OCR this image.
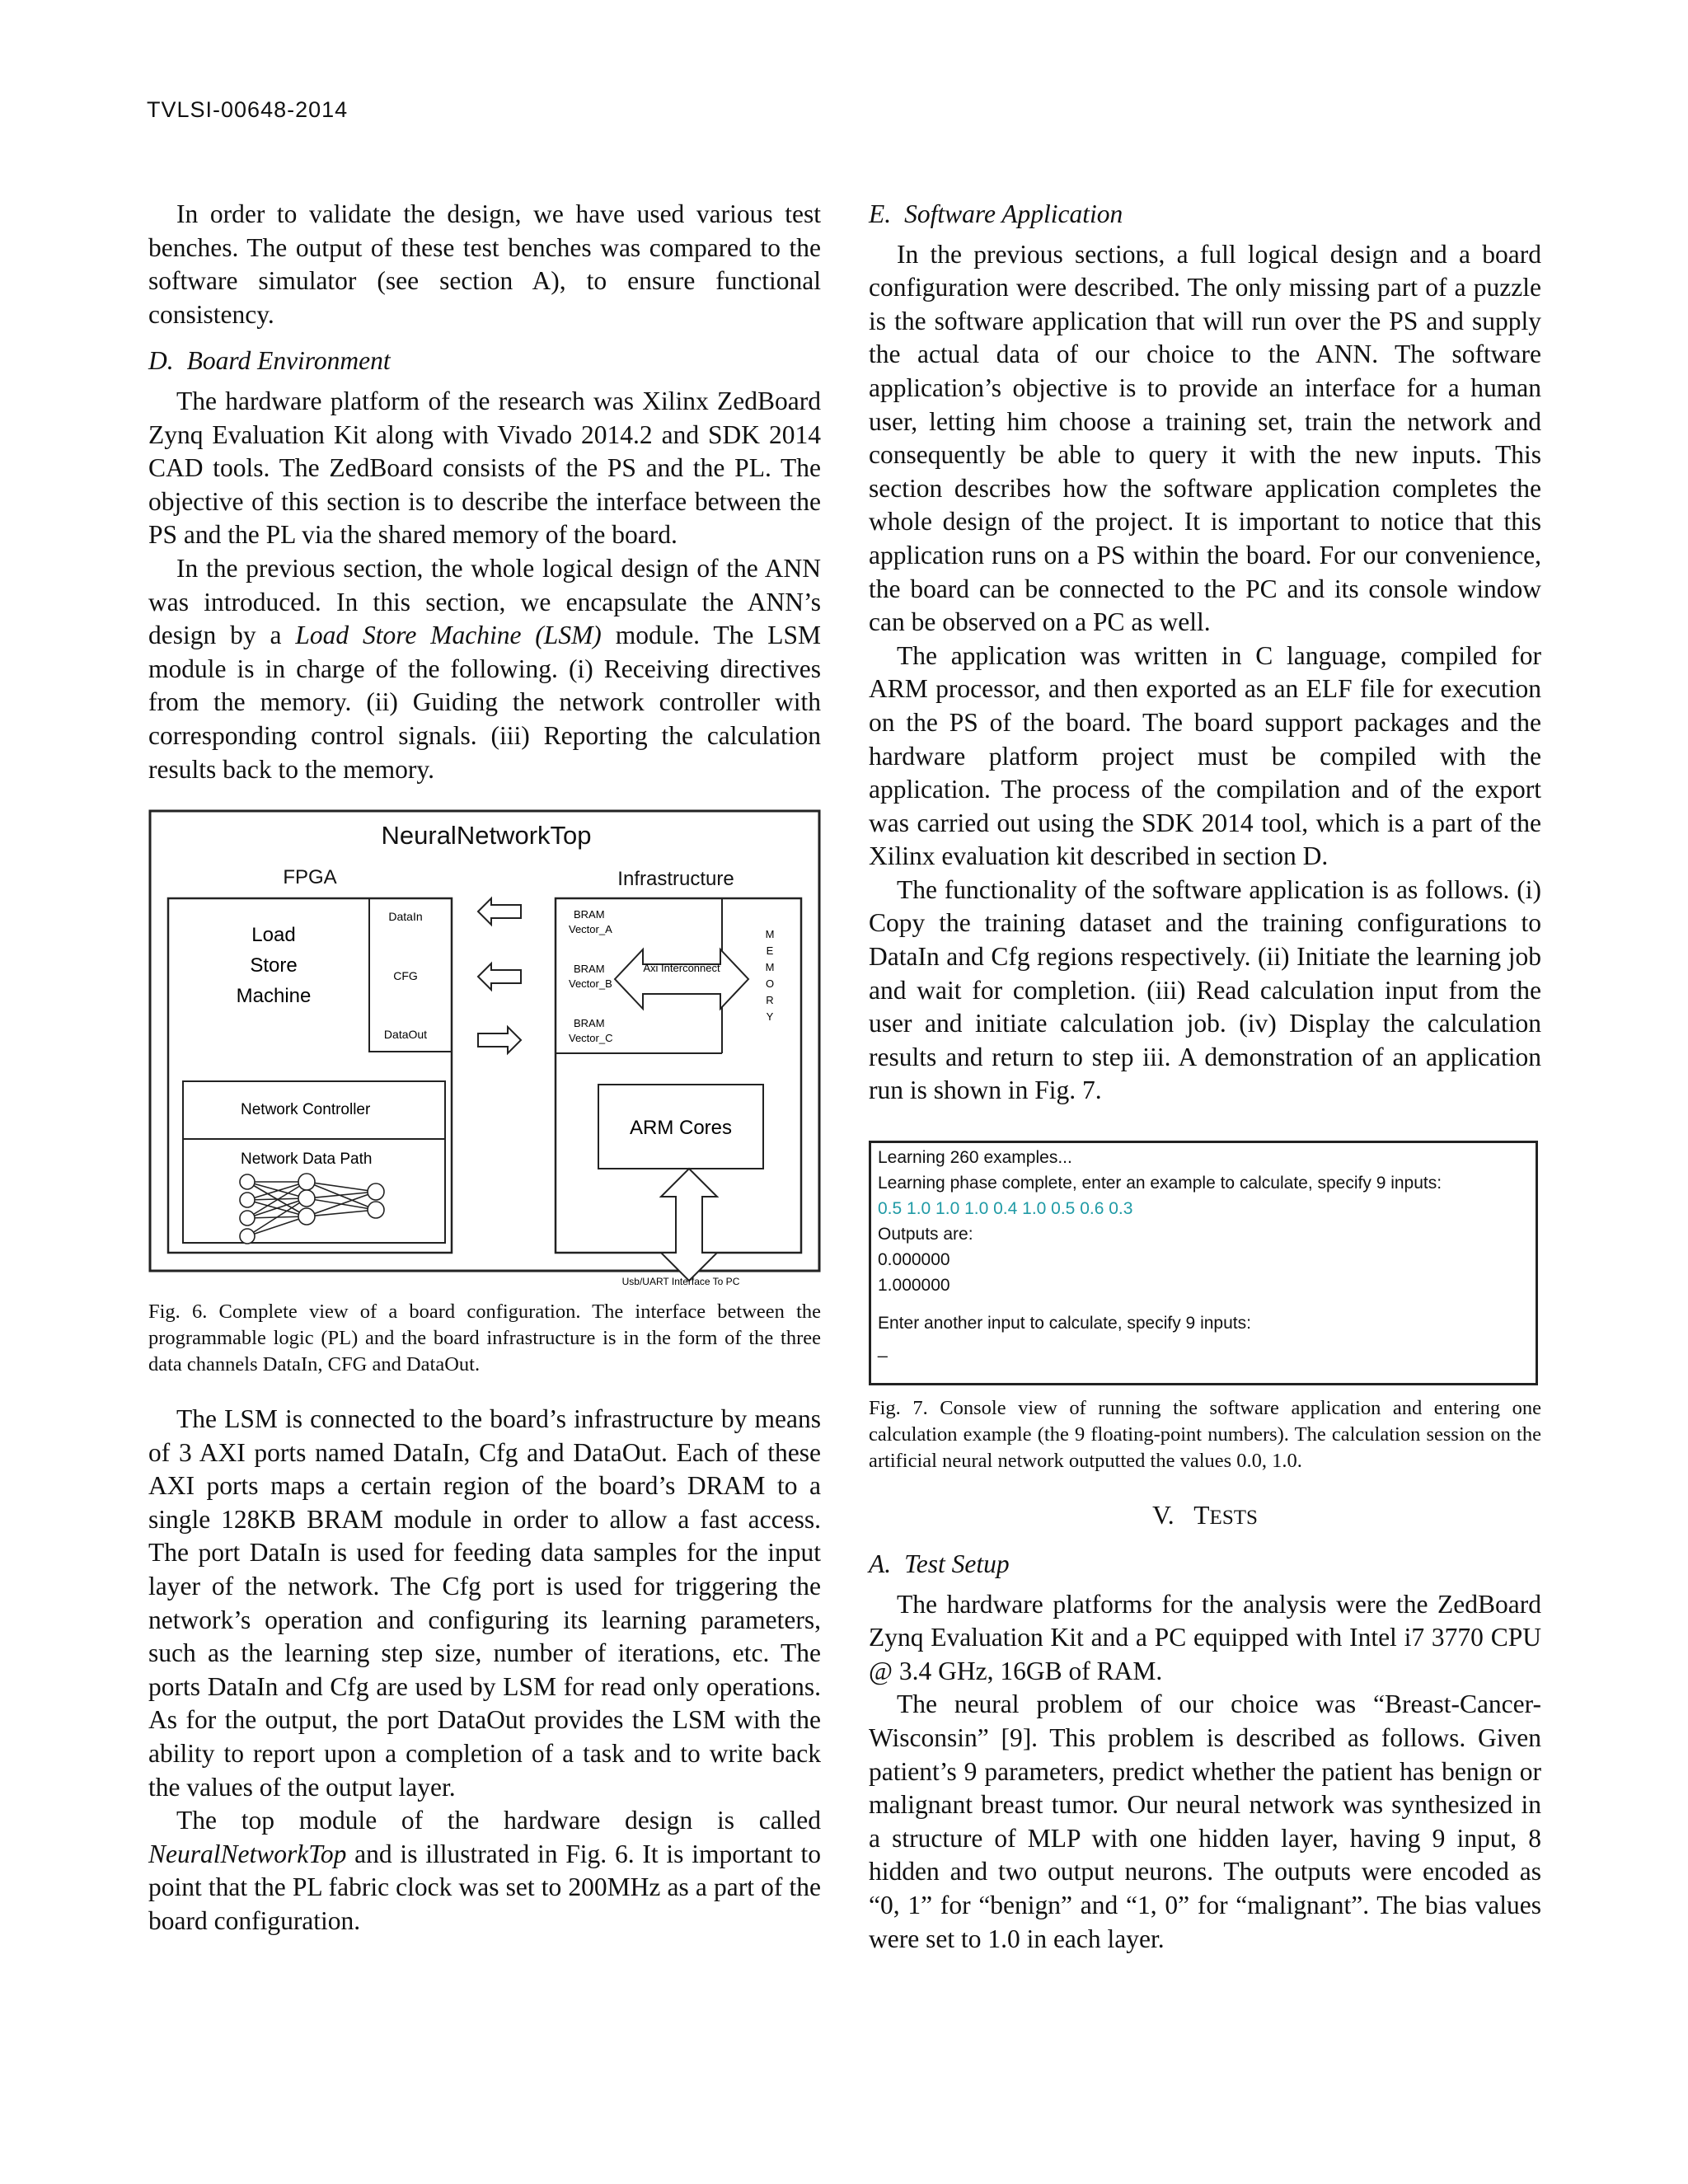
TVLSI-00648-2014

In order to validate the design, we have used various test benches. The output of these test benches was compared to the software simulator (see section A), to ensure functional consistency.

D. Board Environment

The hardware platform of the research was Xilinx ZedBoard Zynq Evaluation Kit along with Vivado 2014.2 and SDK 2014 CAD tools. The ZedBoard consists of the PS and the PL. The objective of this section is to describe the interface between the PS and the PL via the shared memory of the board.

In the previous section, the whole logical design of the ANN was introduced. In this section, we encapsulate the ANN’s design by a Load Store Machine (LSM) module. The LSM module is in charge of the following. (i) Receiving directives from the memory. (ii) Guiding the network controller with corresponding control signals. (iii) Reporting the calculation results back to the memory.

NeuralNetworkTop
FPGA	Infrastructure
Load
Store
Machine
DataIn
CFG
DataOut
Network Controller
Network Data Path
BRAM
Vector_A
BRAM
Vector_B
BRAM
Vector_C
Axi Interconnect
M
E
M
O
R
Y
ARM Cores
Usb/UART Interface To PC
Fig. 6. Complete view of a board configuration. The interface between the programmable logic (PL) and the board infrastructure is in the form of the three data channels DataIn, CFG and DataOut.

The LSM is connected to the board’s infrastructure by means of 3 AXI ports named DataIn, Cfg and DataOut. Each of these AXI ports maps a certain region of the board’s DRAM to a single 128KB BRAM module in order to allow a fast access. The port DataIn is used for feeding data samples for the input layer of the network. The Cfg port is used for triggering the network’s operation and configuring its learning parameters, such as the learning step size, number of iterations, etc. The ports DataIn and Cfg are used by LSM for read only operations. As for the output, the port DataOut provides the LSM with the ability to report upon a completion of a task and to write back the values of the output layer.

The top module of the hardware design is called NeuralNetworkTop and is illustrated in Fig. 6. It is important to point that the PL fabric clock was set to 200MHz as a part of the board configuration.

E. Software Application

In the previous sections, a full logical design and a board configuration were described. The only missing part of a puzzle is the software application that will run over the PS and supply the actual data of our choice to the ANN. The software application’s objective is to provide an interface for a human user, letting him choose a training set, train the network and consequently be able to query it with the new inputs. This section describes how the software application completes the whole design of the project. It is important to notice that this application runs on a PS within the board. For our convenience, the board can be connected to the PC and its console window can be observed on a PC as well.

The application was written in C language, compiled for ARM processor, and then exported as an ELF file for execution on the PS of the board. The board support packages and the hardware platform project must be compiled with the application. The process of the compilation and of the export was carried out using the SDK 2014 tool, which is a part of the Xilinx evaluation kit described in section D.

The functionality of the software application is as follows. (i) Copy the training dataset and the training configurations to DataIn and Cfg regions respectively. (ii) Initiate the learning job and wait for completion. (iii) Read calculation input from the user and initiate calculation job. (iv) Display the calculation results and return to step iii. A demonstration of an application run is shown in Fig. 7.

Learning 260 examples...
Learning phase complete, enter an example to calculate, specify 9 inputs:
0.5 1.0 1.0 1.0 0.4 1.0 0.5 0.6 0.3
Outputs are:
0.000000
1.000000
Enter another input to calculate, specify 9 inputs:
_
Fig. 7. Console view of running the software application and entering one calculation example (the 9 floating-point numbers). The calculation session on the artificial neural network outputted the values 0.0, 1.0.
V. TESTS
A. Test Setup

The hardware platforms for the analysis were the ZedBoard Zynq Evaluation Kit and a PC equipped with Intel i7 3770 CPU @ 3.4 GHz, 16GB of RAM.

The neural problem of our choice was “Breast-Cancer-Wisconsin” [9]. This problem is described as follows. Given patient’s 9 parameters, predict whether the patient has benign or malignant breast tumor. Our neural network was synthesized in a structure of MLP with one hidden layer, having 9 input, 8 hidden and two output neurons. The outputs were encoded as “0, 1” for “benign” and “1, 0” for “malignant”. The bias values were set to 1.0 in each layer.
